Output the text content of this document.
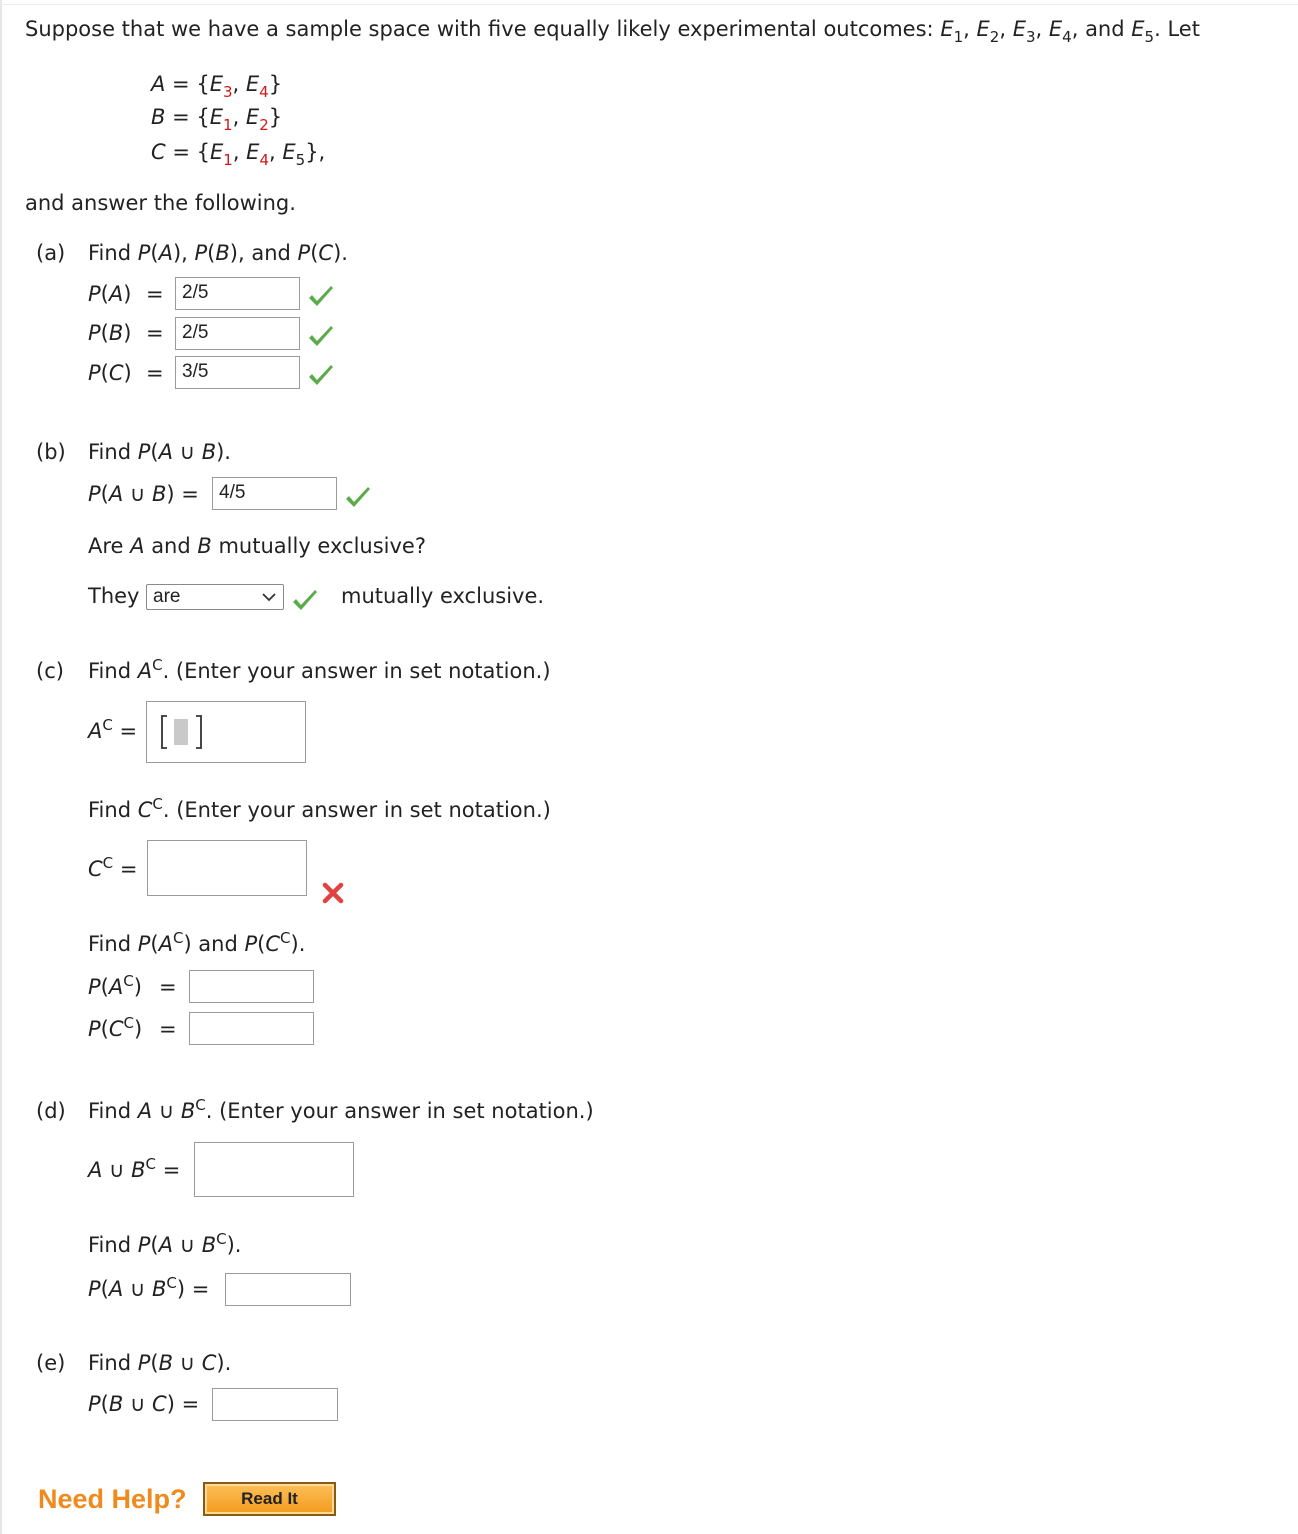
Suppose that we have a sample space with five equally likely experimental outcomes: $E_1$, $E_2$, $E_3$, $E_4$, and $E_5$. Let
$A = \{E_3$, $E_4$}
$B = \{E_1$, $E_2$}
$C = \{E_1$, $E_4$, $E_5$},
and answer the following.
(a) Find P(A), P(B), and P(C).
P(A) = 2/5
P(B) = 2/5
P(C) = 3/5
(b) Find P(A ∪ B).
P(A ∪ B) =	4/5
Are A and B mutually exclusive?
They are	mutually exclusive.
(c) Find $A^C$. (Enter your answer in set notation.)
$A^C$ =
Find $C^C$. (Enter your answer in set notation.)
$C^C$ =
Find $P(A^C)$ and $P(C^C)$.
$P(A^C)$ =
$P(C^C)$ =
(d) Find A ∪ $B^C$. (Enter your answer in set notation.)
A ∪ $B^C$ =
Find P(A ∪ $B^C$).
P(A ∪ $B^C$) =
(e) Find P(B ∪ C).
P(B ∪ C) =
Need Help?	Read It
